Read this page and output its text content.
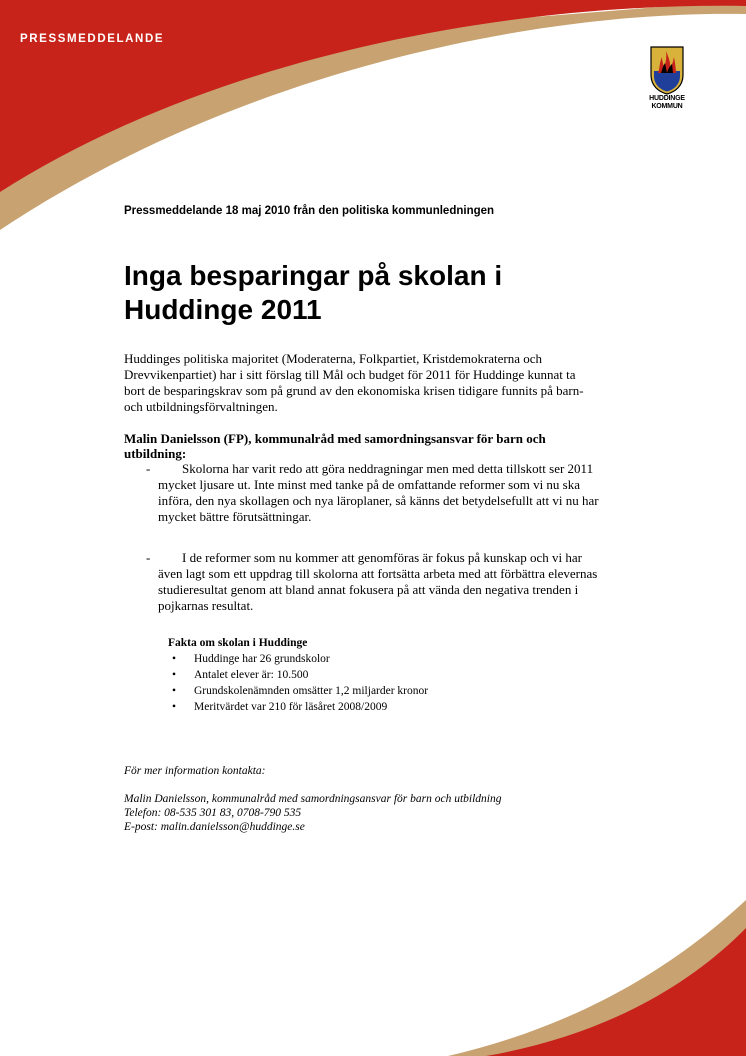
PRESSMEDDELANDE
HUDDINGE
KOMMUN
Pressmeddelande 18 maj 2010 från den politiska kommunledningen
Inga besparingar på skolan i Huddinge 2011

Huddinges politiska majoritet (Moderaterna, Folkpartiet, Kristdemokraterna och Drevvikenpartiet) har i sitt förslag till Mål och budget för 2011 för Huddinge kunnat ta bort de besparingskrav som på grund av den ekonomiska krisen tidigare funnits på barn- och utbildningsförvaltningen.

Malin Danielsson (FP), kommunalråd med samordningsansvar för barn och utbildning:

- Skolorna har varit redo att göra neddragningar men med detta tillskott ser 2011 mycket ljusare ut. Inte minst med tanke på de omfattande reformer som vi nu ska införa, den nya skollagen och nya läroplaner, så känns det betydelsefullt att vi nu har mycket bättre förutsättningar.
- I de reformer som nu kommer att genomföras är fokus på kunskap och vi har även lagt som ett uppdrag till skolorna att fortsätta arbeta med att förbättra elevernas studieresultat genom att bland annat fokusera på att vända den negativa trenden i pojkarnas resultat.

Fakta om skolan i Huddinge

• Huddinge har 26 grundskolor
• Antalet elever är: 10.500
• Grundskolenämnden omsätter 1,2 miljarder kronor
• Meritvärdet var 210 för läsåret 2008/2009

För mer information kontakta:

Malin Danielsson, kommunalråd med samordningsansvar för barn och utbildning

Telefon: 08-535 301 83, 0708-790 535

E-post: malin.danielsson@huddinge.se
